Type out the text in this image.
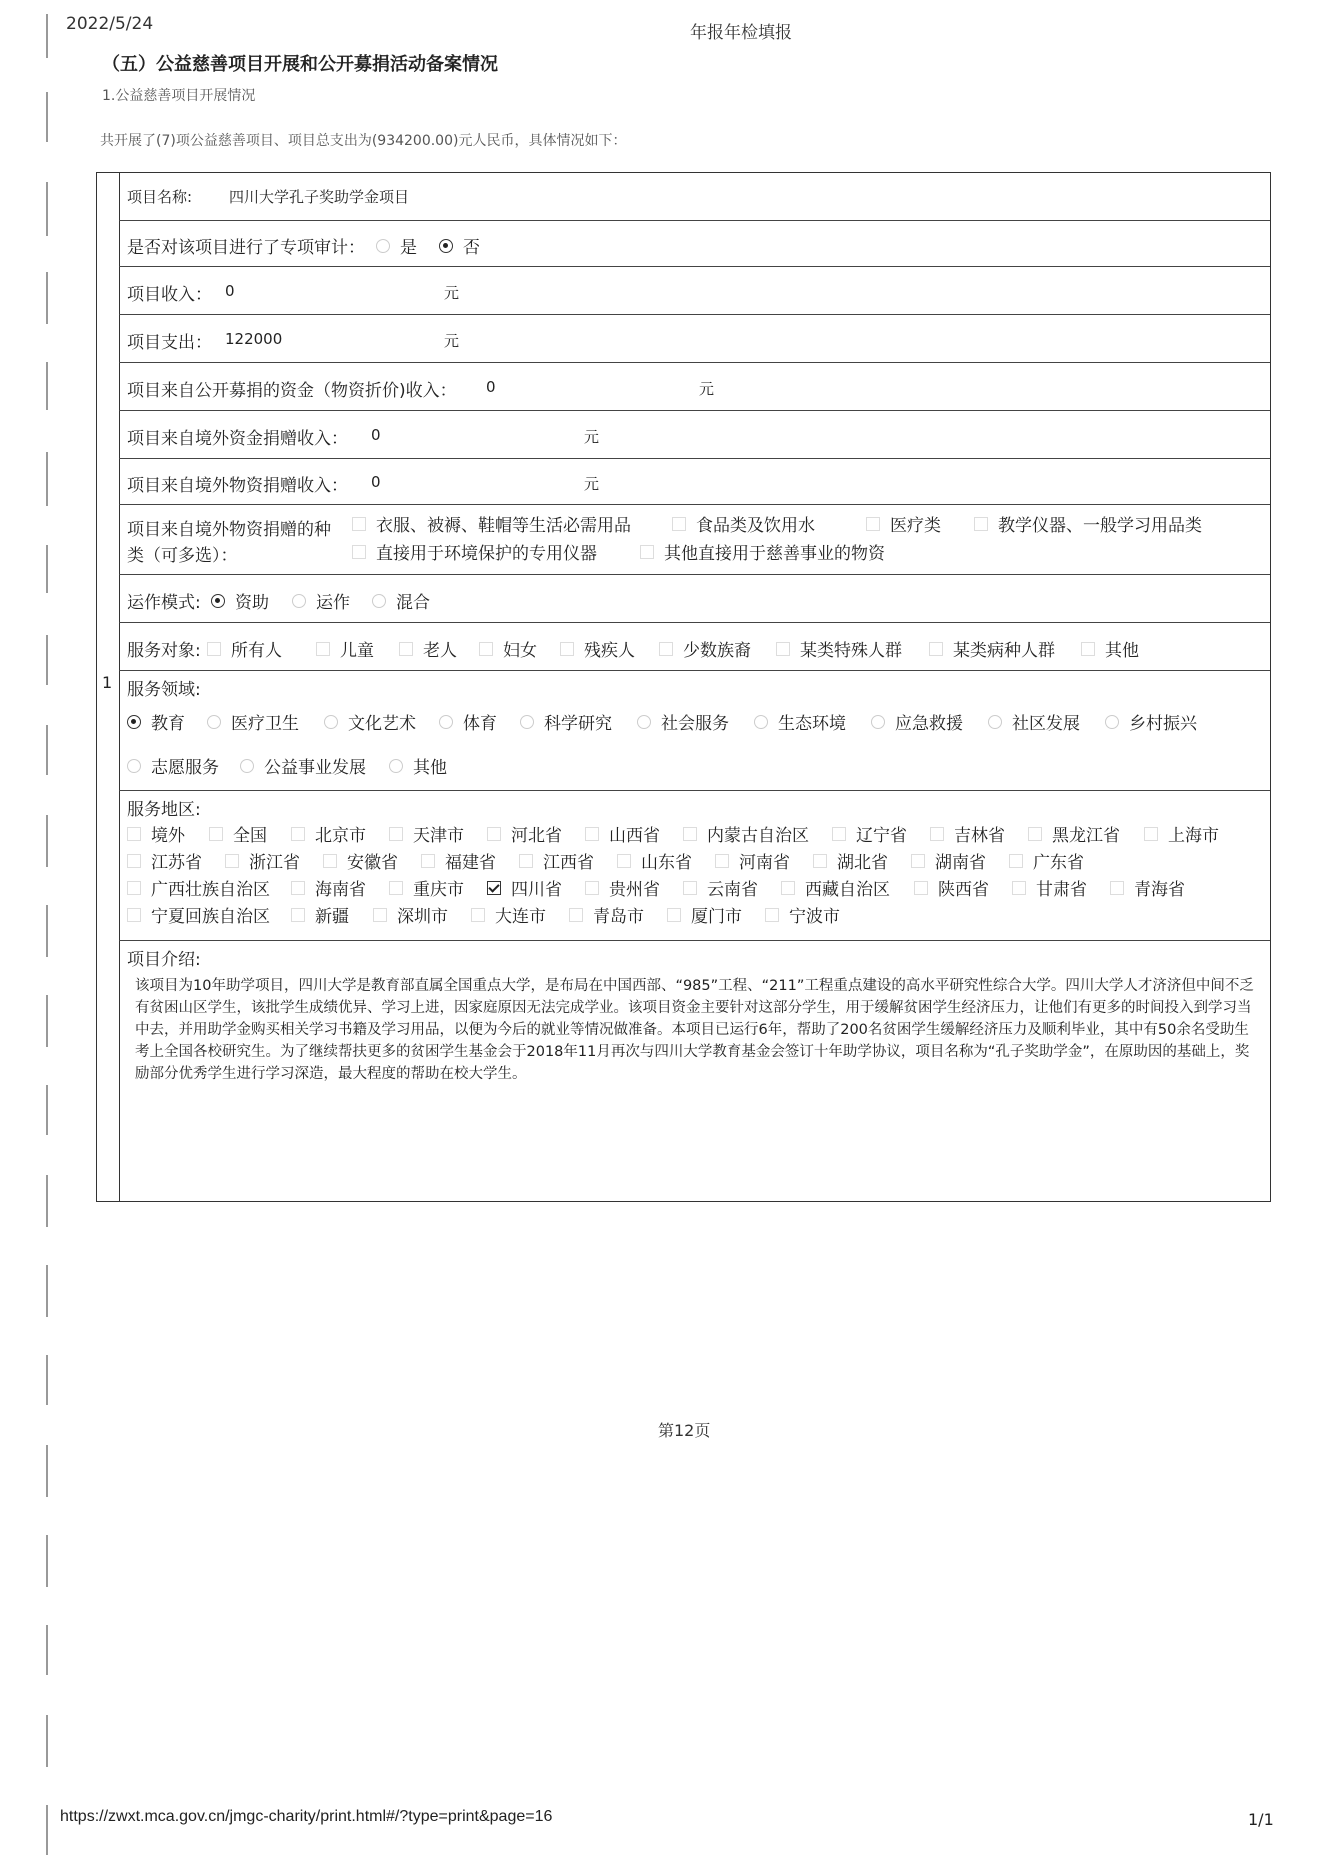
2022/5/24	年报年检填报
（五）公益慈善项目开展和公开募捐活动备案情况
1.公益慈善项目开展情况
共开展了(7)项公益慈善项目、项目总支出为(934200.00)元人民币，具体情况如下：
1
项目名称: 四川大学孔子奖助学金项目
是否对该项目进行了专项审计： 是	否
项目收入： 0	元
项目支出： 122000	元
项目来自公开募捐的资金（物资折价)收入： 0	元
项目来自境外资金捐赠收入： 0	元
项目来自境外物资捐赠收入： 0	元
项目来自境外物资捐赠的种
类（可多选）：
衣服、被褥、鞋帽等生活必需用品	食品类及饮用水	医疗类	教学仪器、一般学习用品类
直接用于环境保护的专用仪器	其他直接用于慈善事业的物资
运作模式: 资助	运作	混合
服务对象: 所有人	儿童	老人	妇女	残疾人	少数族裔	某类特殊人群	某类病种人群	其他
服务领域:
教育	医疗卫生	文化艺术	体育	科学研究	社会服务	生态环境	应急救援	社区发展	乡村振兴
志愿服务	公益事业发展	其他
服务地区:
境外	全国	北京市	天津市	河北省	山西省	内蒙古自治区	辽宁省	吉林省	黑龙江省	上海市
江苏省	浙江省	安徽省	福建省	江西省	山东省	河南省	湖北省	湖南省	广东省
广西壮族自治区	海南省	重庆市	四川省	贵州省	云南省	西藏自治区	陕西省	甘肃省	青海省
宁夏回族自治区	新疆	深圳市	大连市	青岛市	厦门市	宁波市
项目介绍:
该项目为10年助学项目，四川大学是教育部直属全国重点大学，是布局在中国西部、“985”工程、“211”工程重点建设的高水平研究性综合大学。四川大学人才济济但中间不乏有贫困山区学生，该批学生成绩优异、学习上进，因家庭原因无法完成学业。该项目资金主要针对这部分学生，用于缓解贫困学生经济压力，让他们有更多的时间投入到学习当中去，并用助学金购买相关学习书籍及学习用品，以便为今后的就业等情况做准备。本项目已运行6年，帮助了200名贫困学生缓解经济压力及顺利毕业，其中有50余名受助生考上全国各校研究生。为了继续帮扶更多的贫困学生基金会于2018年11月再次与四川大学教育基金会签订十年助学协议，项目名称为“孔子奖助学金”，在原助因的基础上，奖励部分优秀学生进行学习深造，最大程度的帮助在校大学生。
第12页
https://zwxt.mca.gov.cn/jmgc-charity/print.html#/?type=print&page=16	1/1
